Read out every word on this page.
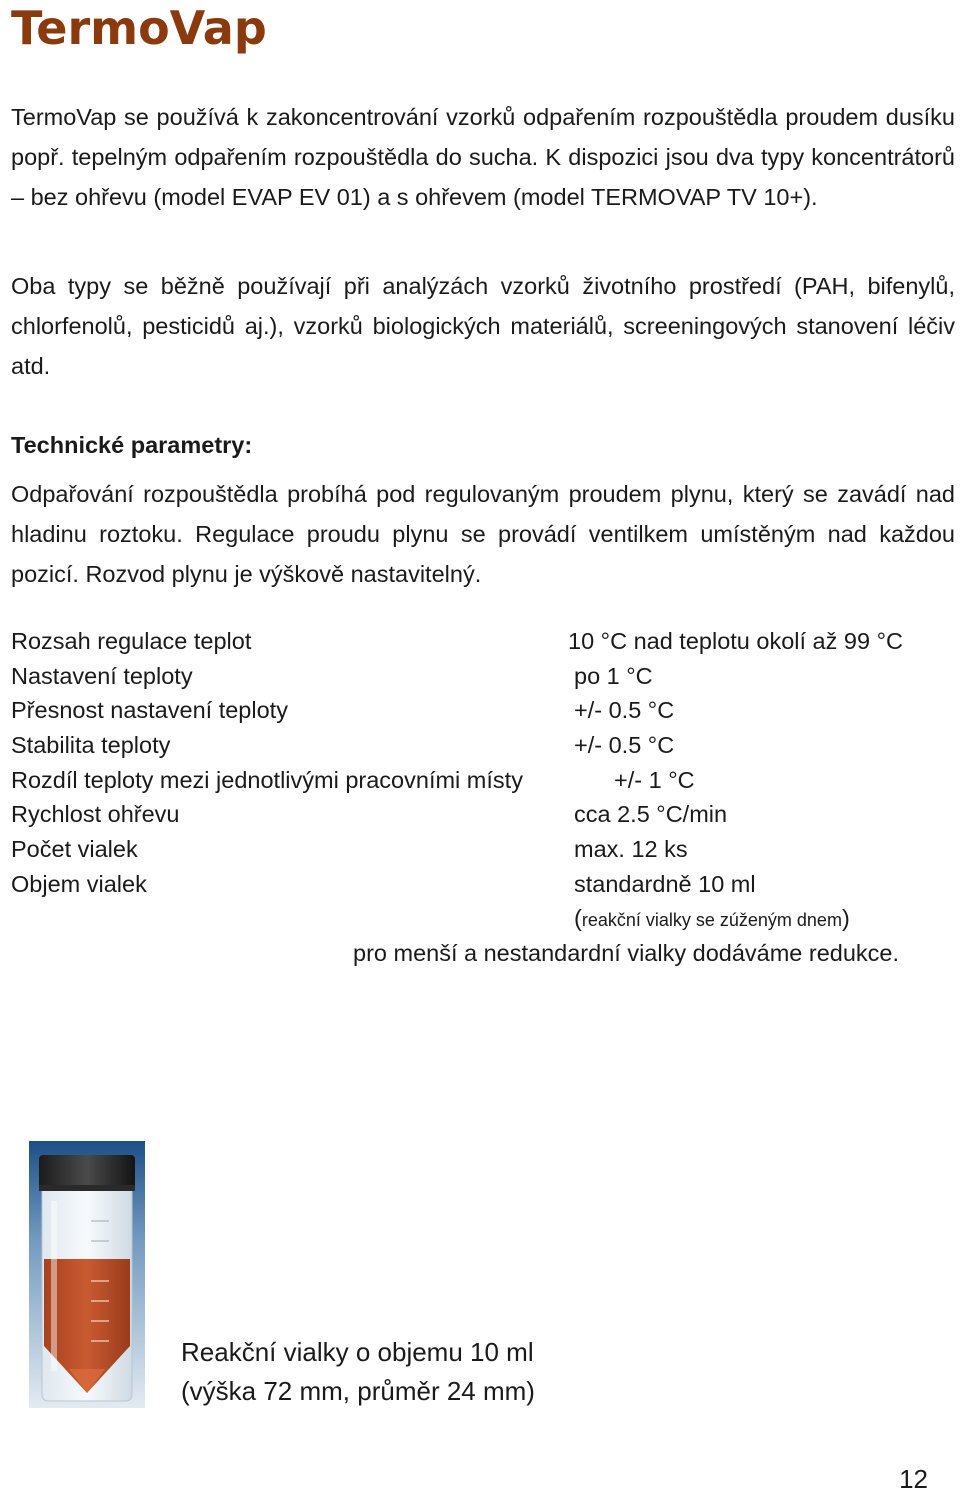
TermoVap

TermoVap se používá k zakoncentrování vzorků odpařením rozpouštědla proudem dusíku popř. tepelným odpařením rozpouštědla do sucha. K dispozici jsou dva typy koncentrátorů – bez ohřevu (model EVAP EV 01) a s ohřevem (model TERMOVAP TV 10+).

Oba typy se běžně používají při analýzách vzorků životního prostředí (PAH, bifenylů, chlorfenolů, pesticidů aj.), vzorků biologických materiálů, screeningových stanovení léčiv atd.

Technické parametry:

Odpařování rozpouštědla probíhá pod regulovaným proudem plynu, který se zavádí nad hladinu roztoku. Regulace proudu plynu se provádí ventilkem umístěným nad každou pozicí. Rozvod plynu je výškově nastavitelný.

Rozsah regulace teplot	10 °C nad teplotu okolí až 99 °C
Nastavení teploty	po 1 °C
Přesnost nastavení teploty	+/- 0.5 °C
Stabilita teploty	+/- 0.5 °C
Rozdíl teploty mezi jednotlivými pracovními místy	+/- 1 °C
Rychlost ohřevu	cca 2.5 °C/min
Počet vialek	max. 12 ks
Objem vialek	standardně 10 ml
(reakční vialky se zúženým dnem)
pro menší a nestandardní vialky dodáváme redukce.
Reakční vialky o objemu 10 ml
(výška 72 mm, průměr 24 mm)
12
